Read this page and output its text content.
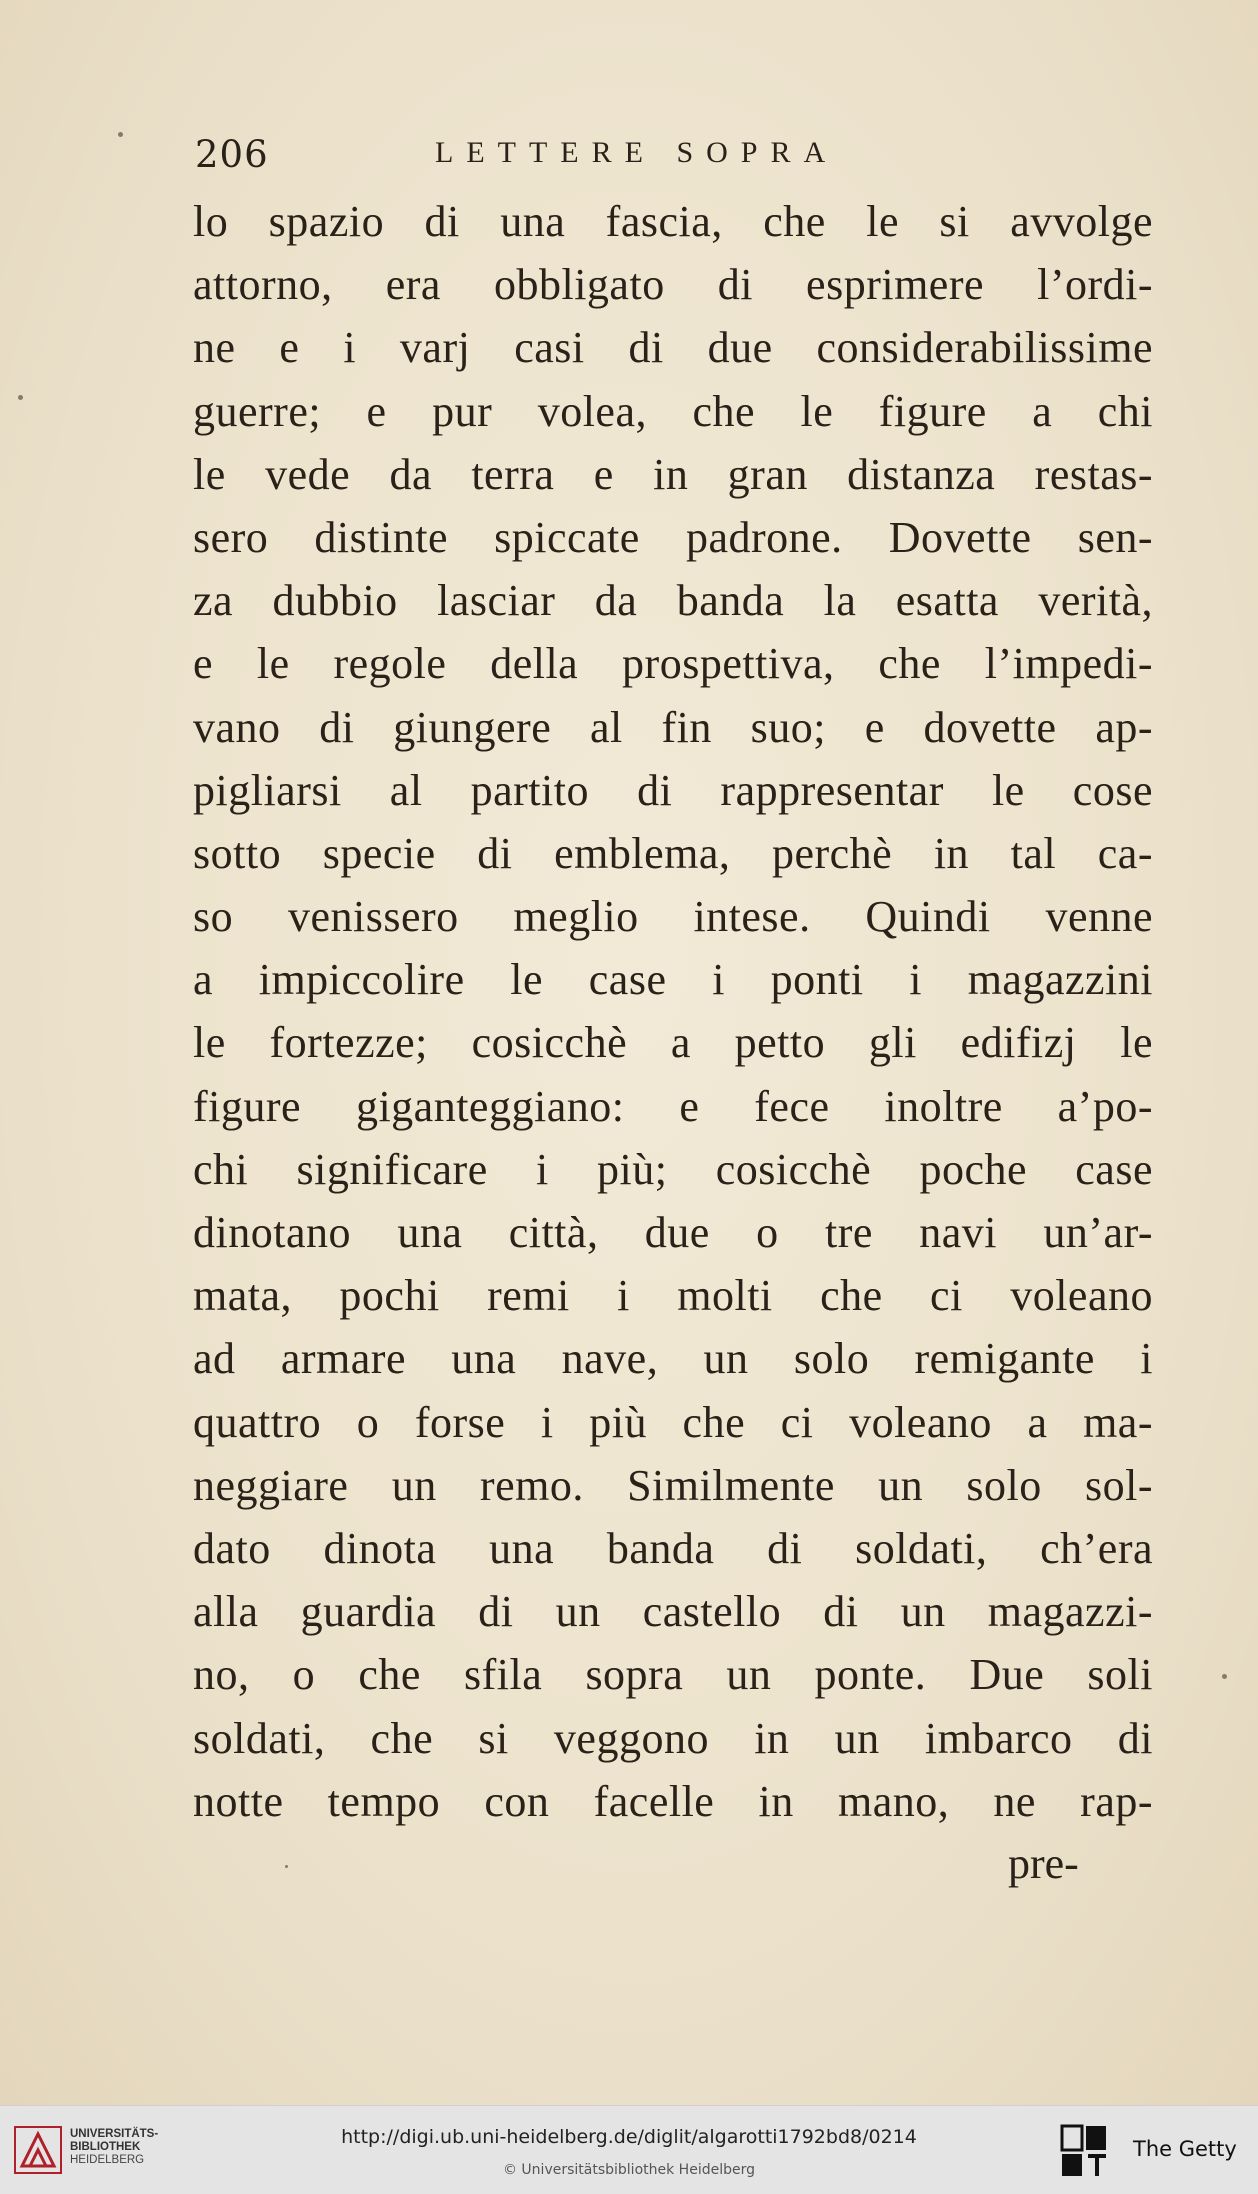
206	LETTERE SOPRA
lo spazio di una fascia, che le si avvolge
attorno, era obbligato di esprimere l’ordi-
ne e i varj casi di due considerabilissime
guerre; e pur volea, che le figure a chi
le vede da terra e in gran distanza restas-
sero distinte spiccate padrone. Dovette sen-
za dubbio lasciar da banda la esatta verità,
e le regole della prospettiva, che l’impedi-
vano di giungere al fin suo; e dovette ap-
pigliarsi al partito di rappresentar le cose
sotto specie di emblema, perchè in tal ca-
so venissero meglio intese. Quindi venne
a impiccolire le case i ponti i magazzini
le fortezze; cosicchè a petto gli edifizj le
figure giganteggiano: e fece inoltre a’po-
chi significare i più; cosicchè poche case
dinotano una città, due o tre navi un’ar-
mata, pochi remi i molti che ci voleano
ad armare una nave, un solo remigante i
quattro o forse i più che ci voleano a ma-
neggiare un remo. Similmente un solo sol-
dato dinota una banda di soldati, ch’era
alla guardia di un castello di un magazzi-
no, o che sfila sopra un ponte. Due soli
soldati, che si veggono in un imbarco di
notte tempo con facelle in mano, ne rap-
pre-
UNIVERSITÄTS-
BIBLIOTHEK
HEIDELBERG
http://digi.ub.uni-heidelberg.de/diglit/algarotti1792bd8/0214
© Universitätsbibliothek Heidelberg
The Getty
